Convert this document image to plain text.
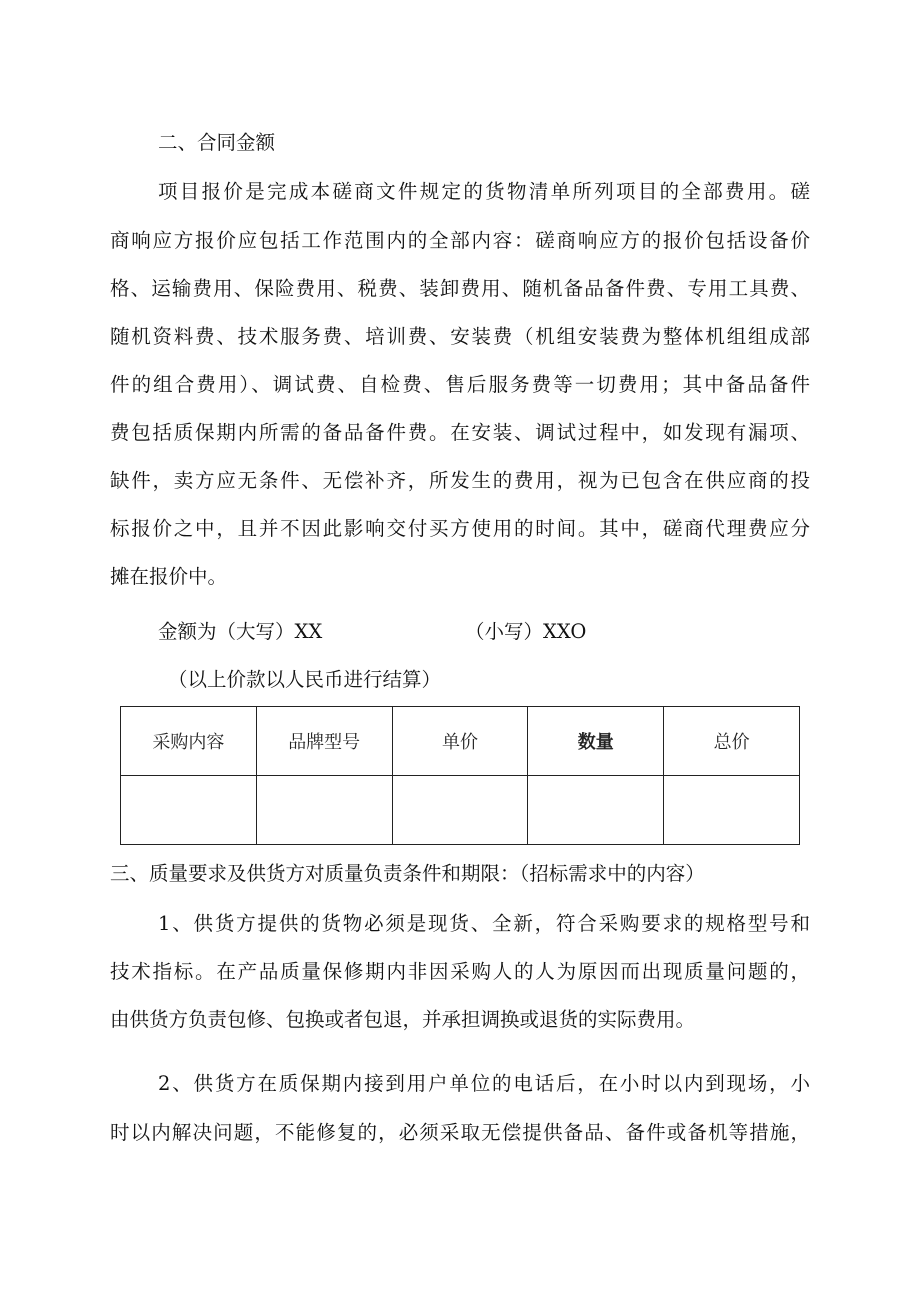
二、合同金额
项目报价是完成本磋商文件规定的货物清单所列项目的全部费用。磋
商响应方报价应包括工作范围内的全部内容：磋商响应方的报价包括设备价
格、运输费用、保险费用、税费、装卸费用、随机备品备件费、专用工具费、
随机资料费、技术服务费、培训费、安装费（机组安装费为整体机组组成部
件的组合费用）、调试费、自检费、售后服务费等一切费用；其中备品备件
费包括质保期内所需的备品备件费。在安装、调试过程中，如发现有漏项、
缺件，卖方应无条件、无偿补齐，所发生的费用，视为已包含在供应商的投
标报价之中，且并不因此影响交付买方使用的时间。其中，磋商代理费应分
摊在报价中。
金额为（大写）XX	（小写）XXO
（以上价款以人民币进行结算）
采购内容	品牌型号	单价	数量	总价

三、质量要求及供货方对质量负责条件和期限：（招标需求中的内容）
1、供货方提供的货物必须是现货、全新，符合采购要求的规格型号和
技术指标。在产品质量保修期内非因采购人的人为原因而出现质量问题的，
由供货方负责包修、包换或者包退，并承担调换或退货的实际费用。
2、供货方在质保期内接到用户单位的电话后，在小时以内到现场，小
时以内解决问题，不能修复的，必须采取无偿提供备品、备件或备机等措施，
